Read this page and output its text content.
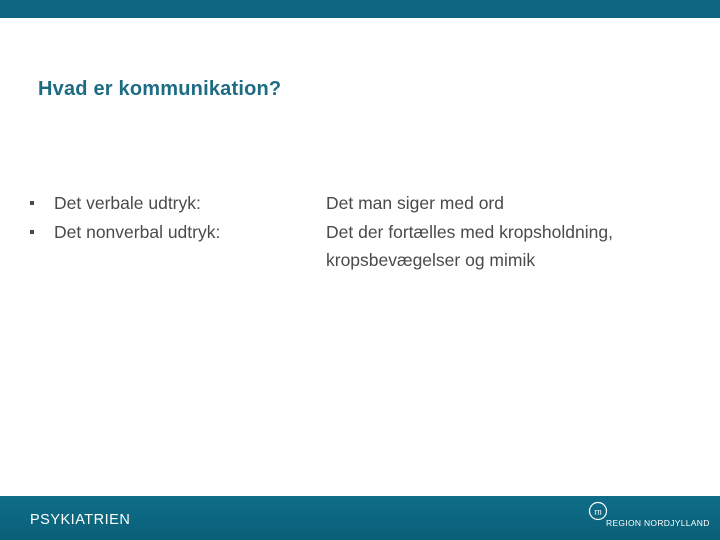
Hvad er kommunikation?
Det verbale udtryk:
Det nonverbal udtryk:
Det man siger med ord
Det der fortælles med kropsholdning,
kropsbevægelser og mimik
PSYKIATRIEN
rn
REGION NORDJYLLAND
